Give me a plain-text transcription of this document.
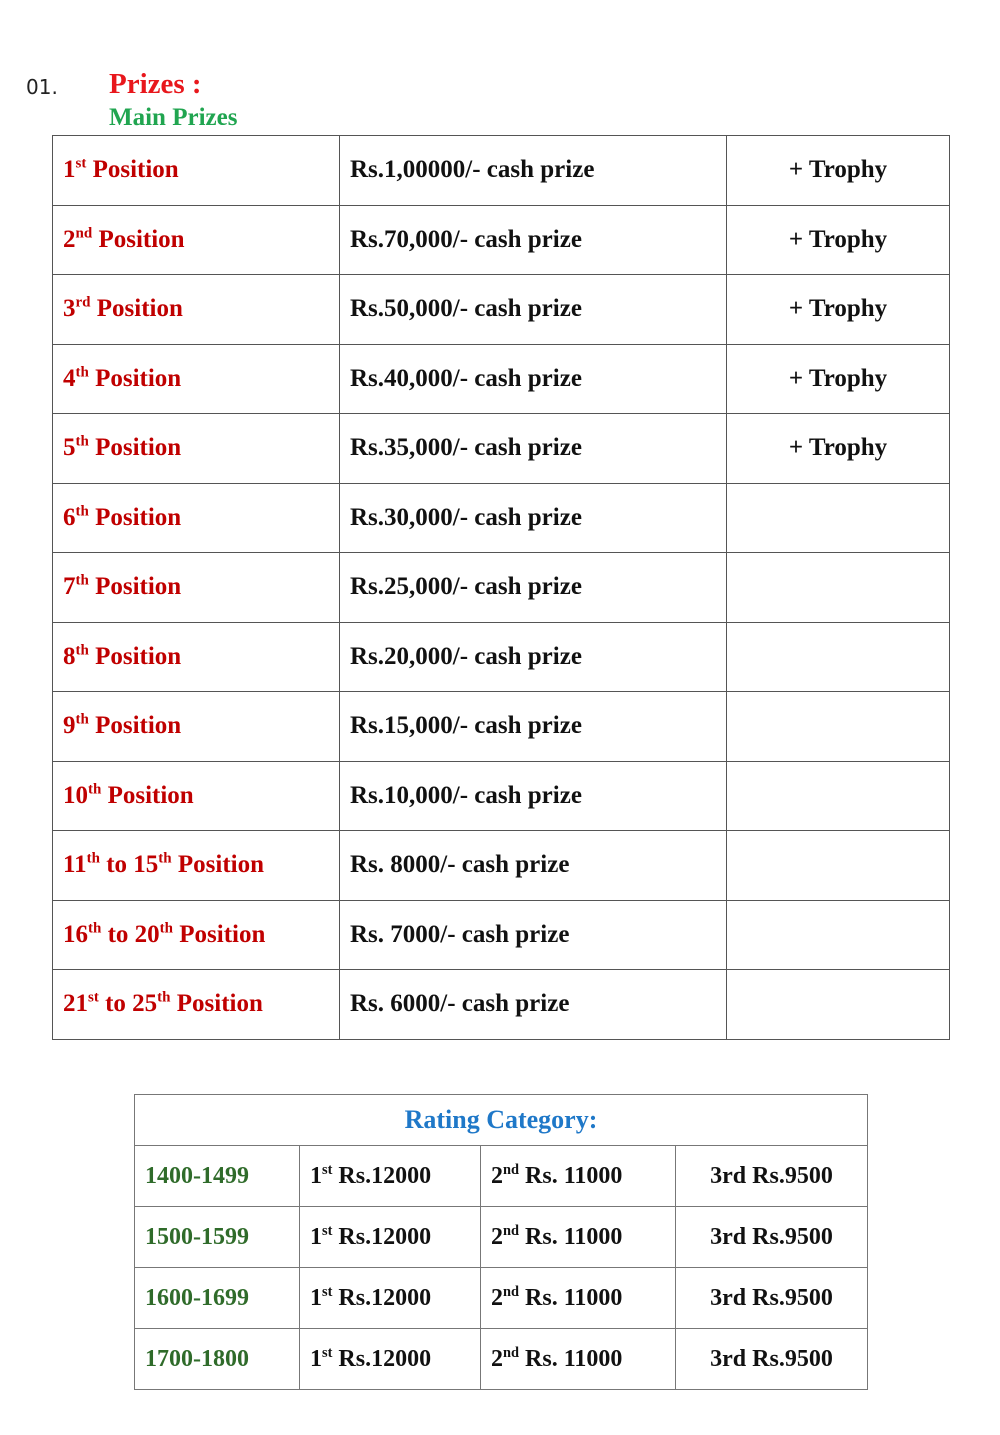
01. Prizes :
Main Prizes
1st Position	Rs.1,00000/- cash prize	+ Trophy
2nd Position	Rs.70,000/- cash prize	+ Trophy
3rd Position	Rs.50,000/- cash prize	+ Trophy
4th Position	Rs.40,000/- cash prize	+ Trophy
5th Position	Rs.35,000/- cash prize	+ Trophy
6th Position	Rs.30,000/- cash prize	
7th Position	Rs.25,000/- cash prize	
8th Position	Rs.20,000/- cash prize	
9th Position	Rs.15,000/- cash prize	
10th Position	Rs.10,000/- cash prize	
11th to 15th Position	Rs. 8000/- cash prize	
16th to 20th Position	Rs. 7000/- cash prize	
21st to 25th Position	Rs. 6000/- cash prize	
Rating Category:			
1400-1499	1st Rs.12000	2nd Rs. 11000	3rd Rs.9500
1500-1599	1st Rs.12000	2nd Rs. 11000	3rd Rs.9500
1600-1699	1st Rs.12000	2nd Rs. 11000	3rd Rs.9500
1700-1800	1st Rs.12000	2nd Rs. 11000	3rd Rs.9500
